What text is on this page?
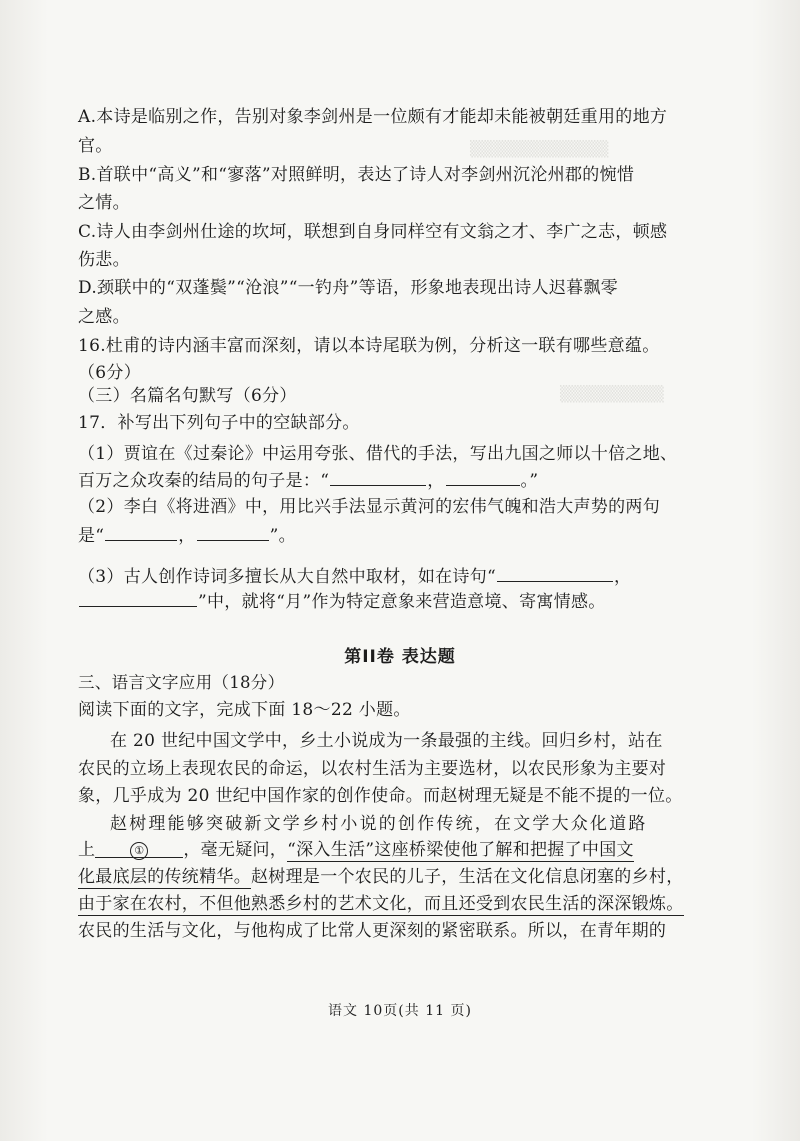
▒▒▒▒▒▒▒▒▒▒▒▒
▒▒▒▒▒▒▒▒▒
A.本诗是临别之作，告别对象李剑州是一位颇有才能却未能被朝廷重用的地方
官。
B.首联中“高义”和“寥落”对照鲜明，表达了诗人对李剑州沉沦州郡的惋惜
之情。
C.诗人由李剑州仕途的坎坷，联想到自身同样空有文翁之才、李广之志，顿感
伤悲。
D.颈联中的“双蓬鬓”“沧浪”“一钓舟”等语，形象地表现出诗人迟暮飘零
之感。
16.杜甫的诗内涵丰富而深刻，请以本诗尾联为例，分析这一联有哪些意蕴。
（6分）
（三）名篇名句默写（6分）
17．补写出下列句子中的空缺部分。
（1）贾谊在《过秦论》中运用夸张、借代的手法，写出九国之师以十倍之地、
百万之众攻秦的结局的句子是：“	，	。”
（2）李白《将进酒》中，用比兴手法显示黄河的宏伟气魄和浩大声势的两句
是“	，	”。
（3）古人创作诗词多擅长从大自然中取材，如在诗句“	，
”中，就将“月”作为特定意象来营造意境、寄寓情感。
第II卷 表达题
三、语言文字应用（18分）
阅读下面的文字，完成下面 18～22 小题。
在 20 世纪中国文学中，乡土小说成为一条最强的主线。回归乡村，站在
农民的立场上表现农民的命运，以农村生活为主要选材，以农民形象为主要对
象，几乎成为 20 世纪中国作家的创作使命。而赵树理无疑是不能不提的一位。
赵树理能够突破新文学乡村小说的创作传统，在文学大众化道路
上	① ，毫无疑问，“深入生活”这座桥梁使他了解和把握了中国文
化最底层的传统精华。赵树理是一个农民的儿子，生活在文化信息闭塞的乡村，
由于家在农村，不但他熟悉乡村的艺术文化，而且还受到农民生活的深深锻炼。
农民的生活与文化，与他构成了比常人更深刻的紧密联系。所以，在青年期的
语文 10页(共 11 页)
